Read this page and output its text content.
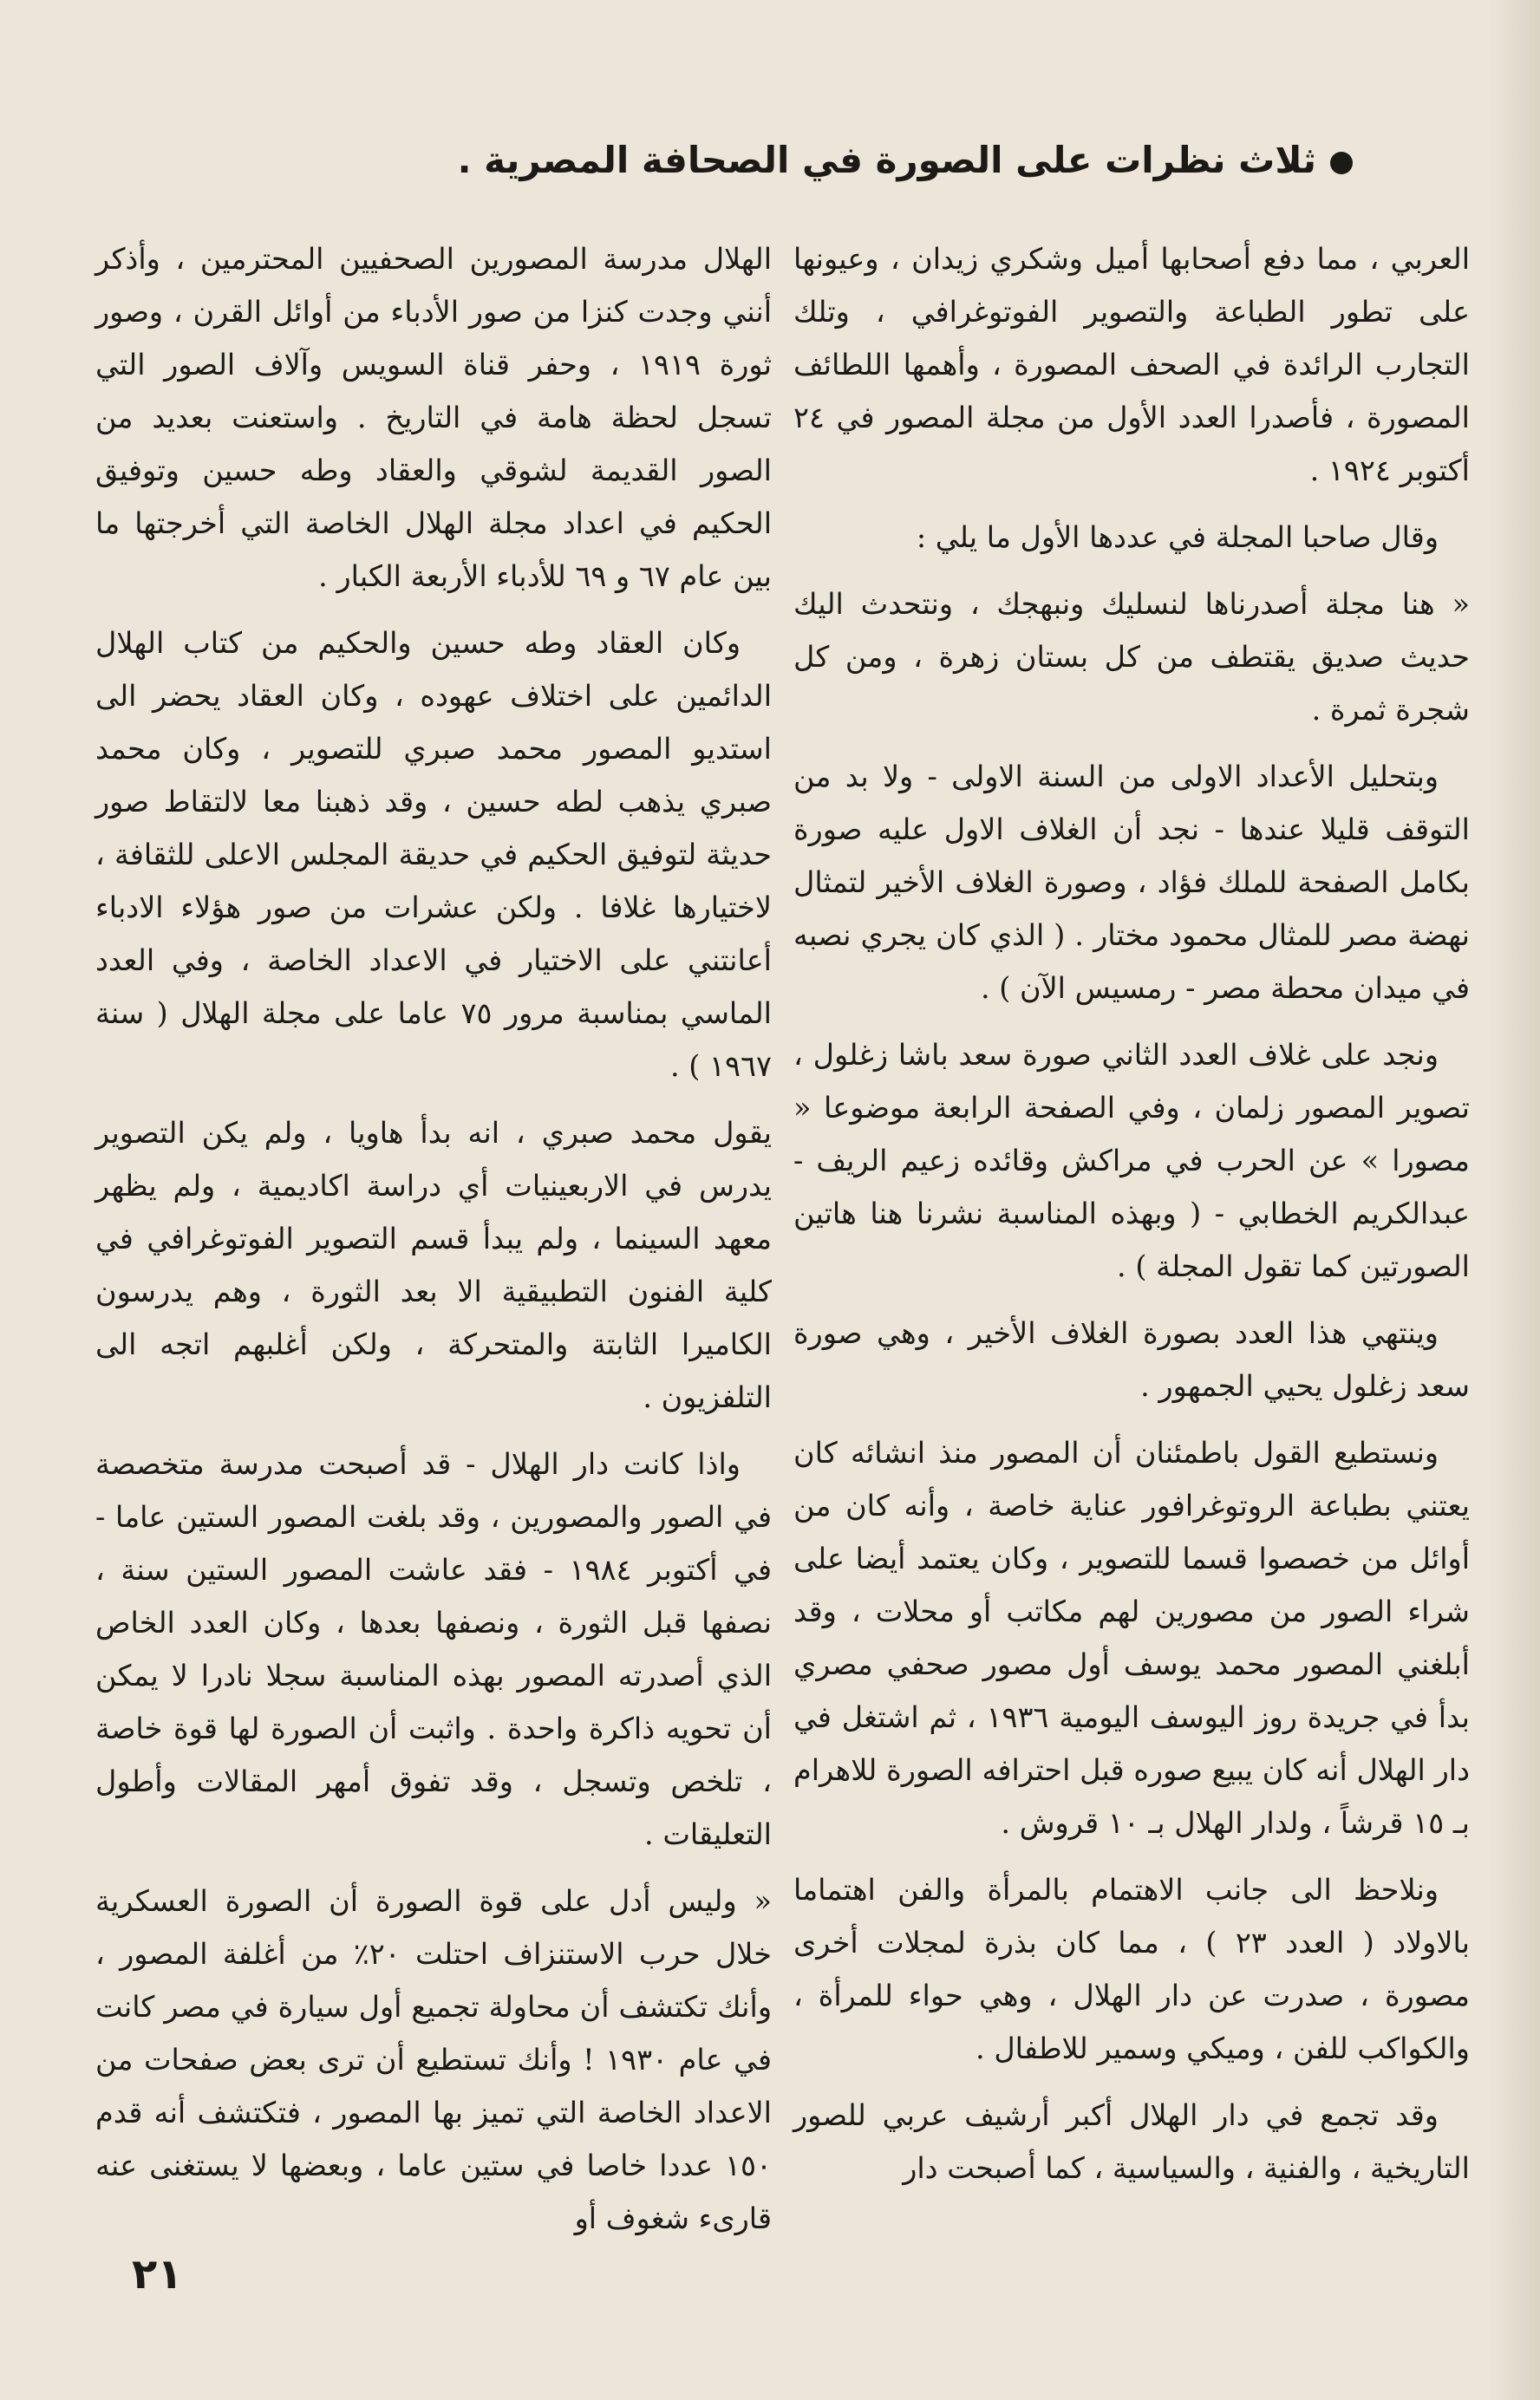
ثلاث نظرات على الصورة في الصحافة المصرية .

العربي ، مما دفع أصحابها أميل وشكري زيدان ، وعيونها على تطور الطباعة والتصوير الفوتوغرافي ، وتلك التجارب الرائدة في الصحف المصورة ، وأهمها اللطائف المصورة ، فأصدرا العدد الأول من مجلة المصور في ٢٤ أكتوبر ١٩٢٤ .

وقال صاحبا المجلة في عددها الأول ما يلي :

« هنا مجلة أصدرناها لنسليك ونبهجك ، ونتحدث اليك حديث صديق يقتطف من كل بستان زهرة ، ومن كل شجرة ثمرة .

وبتحليل الأعداد الاولى من السنة الاولى - ولا بد من التوقف قليلا عندها - نجد أن الغلاف الاول عليه صورة بكامل الصفحة للملك فؤاد ، وصورة الغلاف الأخير لتمثال نهضة مصر للمثال محمود مختار . ( الذي كان يجري نصبه في ميدان محطة مصر - رمسيس الآن ) .

ونجد على غلاف العدد الثاني صورة سعد باشا زغلول ، تصوير المصور زلمان ، وفي الصفحة الرابعة موضوعا « مصورا » عن الحرب في مراكش وقائده زعيم الريف - عبدالكريم الخطابي - ( وبهذه المناسبة نشرنا هنا هاتين الصورتين كما تقول المجلة ) .

وينتهي هذا العدد بصورة الغلاف الأخير ، وهي صورة سعد زغلول يحيي الجمهور .

ونستطيع القول باطمئنان أن المصور منذ انشائه كان يعتني بطباعة الروتوغرافور عناية خاصة ، وأنه كان من أوائل من خصصوا قسما للتصوير ، وكان يعتمد أيضا على شراء الصور من مصورين لهم مكاتب أو محلات ، وقد أبلغني المصور محمد يوسف أول مصور صحفي مصري بدأ في جريدة روز اليوسف اليومية ١٩٣٦ ، ثم اشتغل في دار الهلال أنه كان يبيع صوره قبل احترافه الصورة للاهرام بـ ١٥ قرشاً ، ولدار الهلال بـ ١٠ قروش .

ونلاحظ الى جانب الاهتمام بالمرأة والفن اهتماما بالاولاد ( العدد ٢٣ ) ، مما كان بذرة لمجلات أخرى مصورة ، صدرت عن دار الهلال ، وهي حواء للمرأة ، والكواكب للفن ، وميكي وسمير للاطفال .

وقد تجمع في دار الهلال أكبر أرشيف عربي للصور التاريخية ، والفنية ، والسياسية ، كما أصبحت دار

الهلال مدرسة المصورين الصحفيين المحترمين ، وأذكر أنني وجدت كنزا من صور الأدباء من أوائل القرن ، وصور ثورة ١٩١٩ ، وحفر قناة السويس وآلاف الصور التي تسجل لحظة هامة في التاريخ . واستعنت بعديد من الصور القديمة لشوقي والعقاد وطه حسين وتوفيق الحكيم في اعداد مجلة الهلال الخاصة التي أخرجتها ما بين عام ٦٧ و ٦٩ للأدباء الأربعة الكبار .

وكان العقاد وطه حسين والحكيم من كتاب الهلال الدائمين على اختلاف عهوده ، وكان العقاد يحضر الى استديو المصور محمد صبري للتصوير ، وكان محمد صبري يذهب لطه حسين ، وقد ذهبنا معا لالتقاط صور حديثة لتوفيق الحكيم في حديقة المجلس الاعلى للثقافة ، لاختيارها غلافا . ولكن عشرات من صور هؤلاء الادباء أعانتني على الاختيار في الاعداد الخاصة ، وفي العدد الماسي بمناسبة مرور ٧٥ عاما على مجلة الهلال ( سنة ١٩٦٧ ) .

يقول محمد صبري ، انه بدأ هاويا ، ولم يكن التصوير يدرس في الاربعينيات أي دراسة اكاديمية ، ولم يظهر معهد السينما ، ولم يبدأ قسم التصوير الفوتوغرافي في كلية الفنون التطبيقية الا بعد الثورة ، وهم يدرسون الكاميرا الثابتة والمتحركة ، ولكن أغلبهم اتجه الى التلفزيون .

واذا كانت دار الهلال - قد أصبحت مدرسة متخصصة في الصور والمصورين ، وقد بلغت المصور الستين عاما - في أكتوبر ١٩٨٤ - فقد عاشت المصور الستين سنة ، نصفها قبل الثورة ، ونصفها بعدها ، وكان العدد الخاص الذي أصدرته المصور بهذه المناسبة سجلا نادرا لا يمكن أن تحويه ذاكرة واحدة . واثبت أن الصورة لها قوة خاصة ، تلخص وتسجل ، وقد تفوق أمهر المقالات وأطول التعليقات .

« وليس أدل على قوة الصورة أن الصورة العسكرية خلال حرب الاستنزاف احتلت ٢٠٪ من أغلفة المصور ، وأنك تكتشف أن محاولة تجميع أول سيارة في مصر كانت في عام ١٩٣٠ ! وأنك تستطيع أن ترى بعض صفحات من الاعداد الخاصة التي تميز بها المصور ، فتكتشف أنه قدم ١٥٠ عددا خاصا في ستين عاما ، وبعضها لا يستغنى عنه قارىء شغوف أو

٢١
